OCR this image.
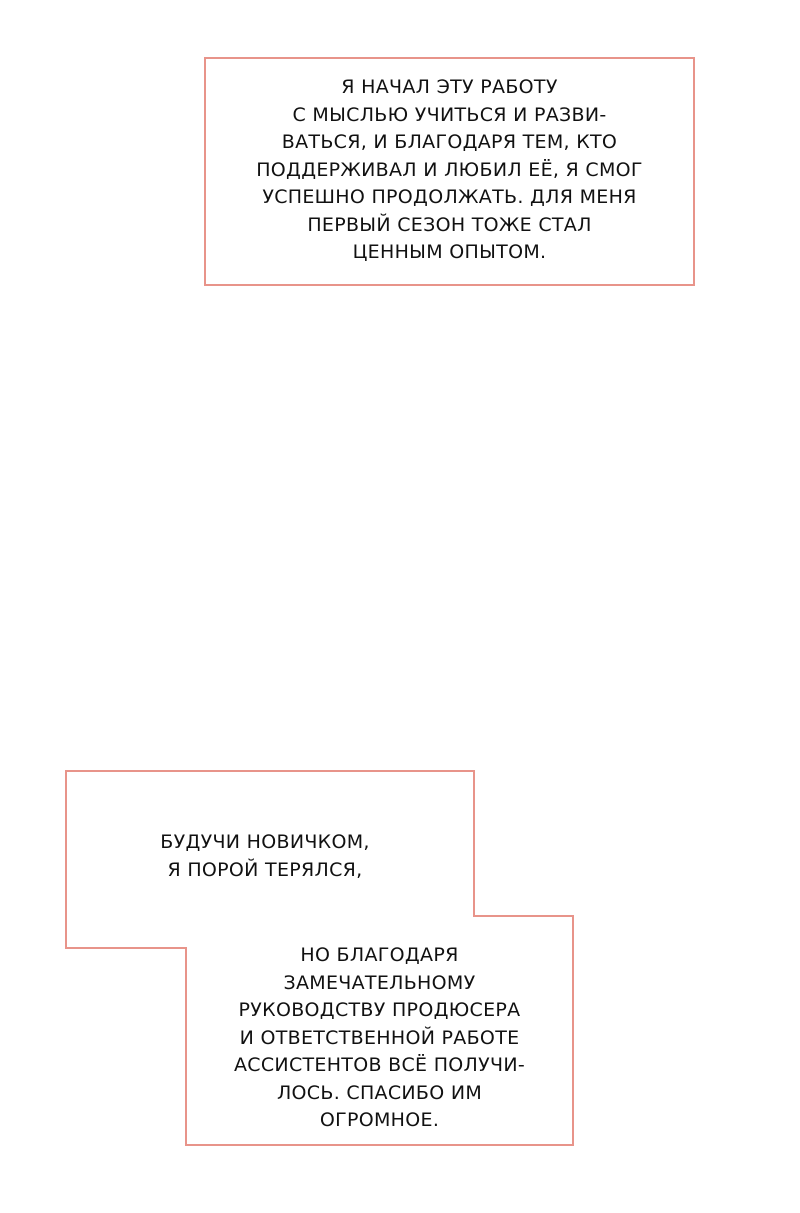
Я НАЧАЛ ЭТУ РАБОТУ
С МЫСЛЬЮ УЧИТЬСЯ И РАЗВИ-
ВАТЬСЯ, И БЛАГОДАРЯ ТЕМ, КТО
ПОДДЕРЖИВАЛ И ЛЮБИЛ ЕЁ, Я СМОГ
УСПЕШНО ПРОДОЛЖАТЬ. ДЛЯ МЕНЯ
ПЕРВЫЙ СЕЗОН ТОЖЕ СТАЛ
ЦЕННЫМ ОПЫТОМ.
БУДУЧИ НОВИЧКОМ,
Я ПОРОЙ ТЕРЯЛСЯ,
НО БЛАГОДАРЯ
ЗАМЕЧАТЕЛЬНОМУ
РУКОВОДСТВУ ПРОДЮСЕРА
И ОТВЕТСТВЕННОЙ РАБОТЕ
АССИСТЕНТОВ ВСЁ ПОЛУЧИ-
ЛОСЬ. СПАСИБО ИМ
ОГРОМНОЕ.
